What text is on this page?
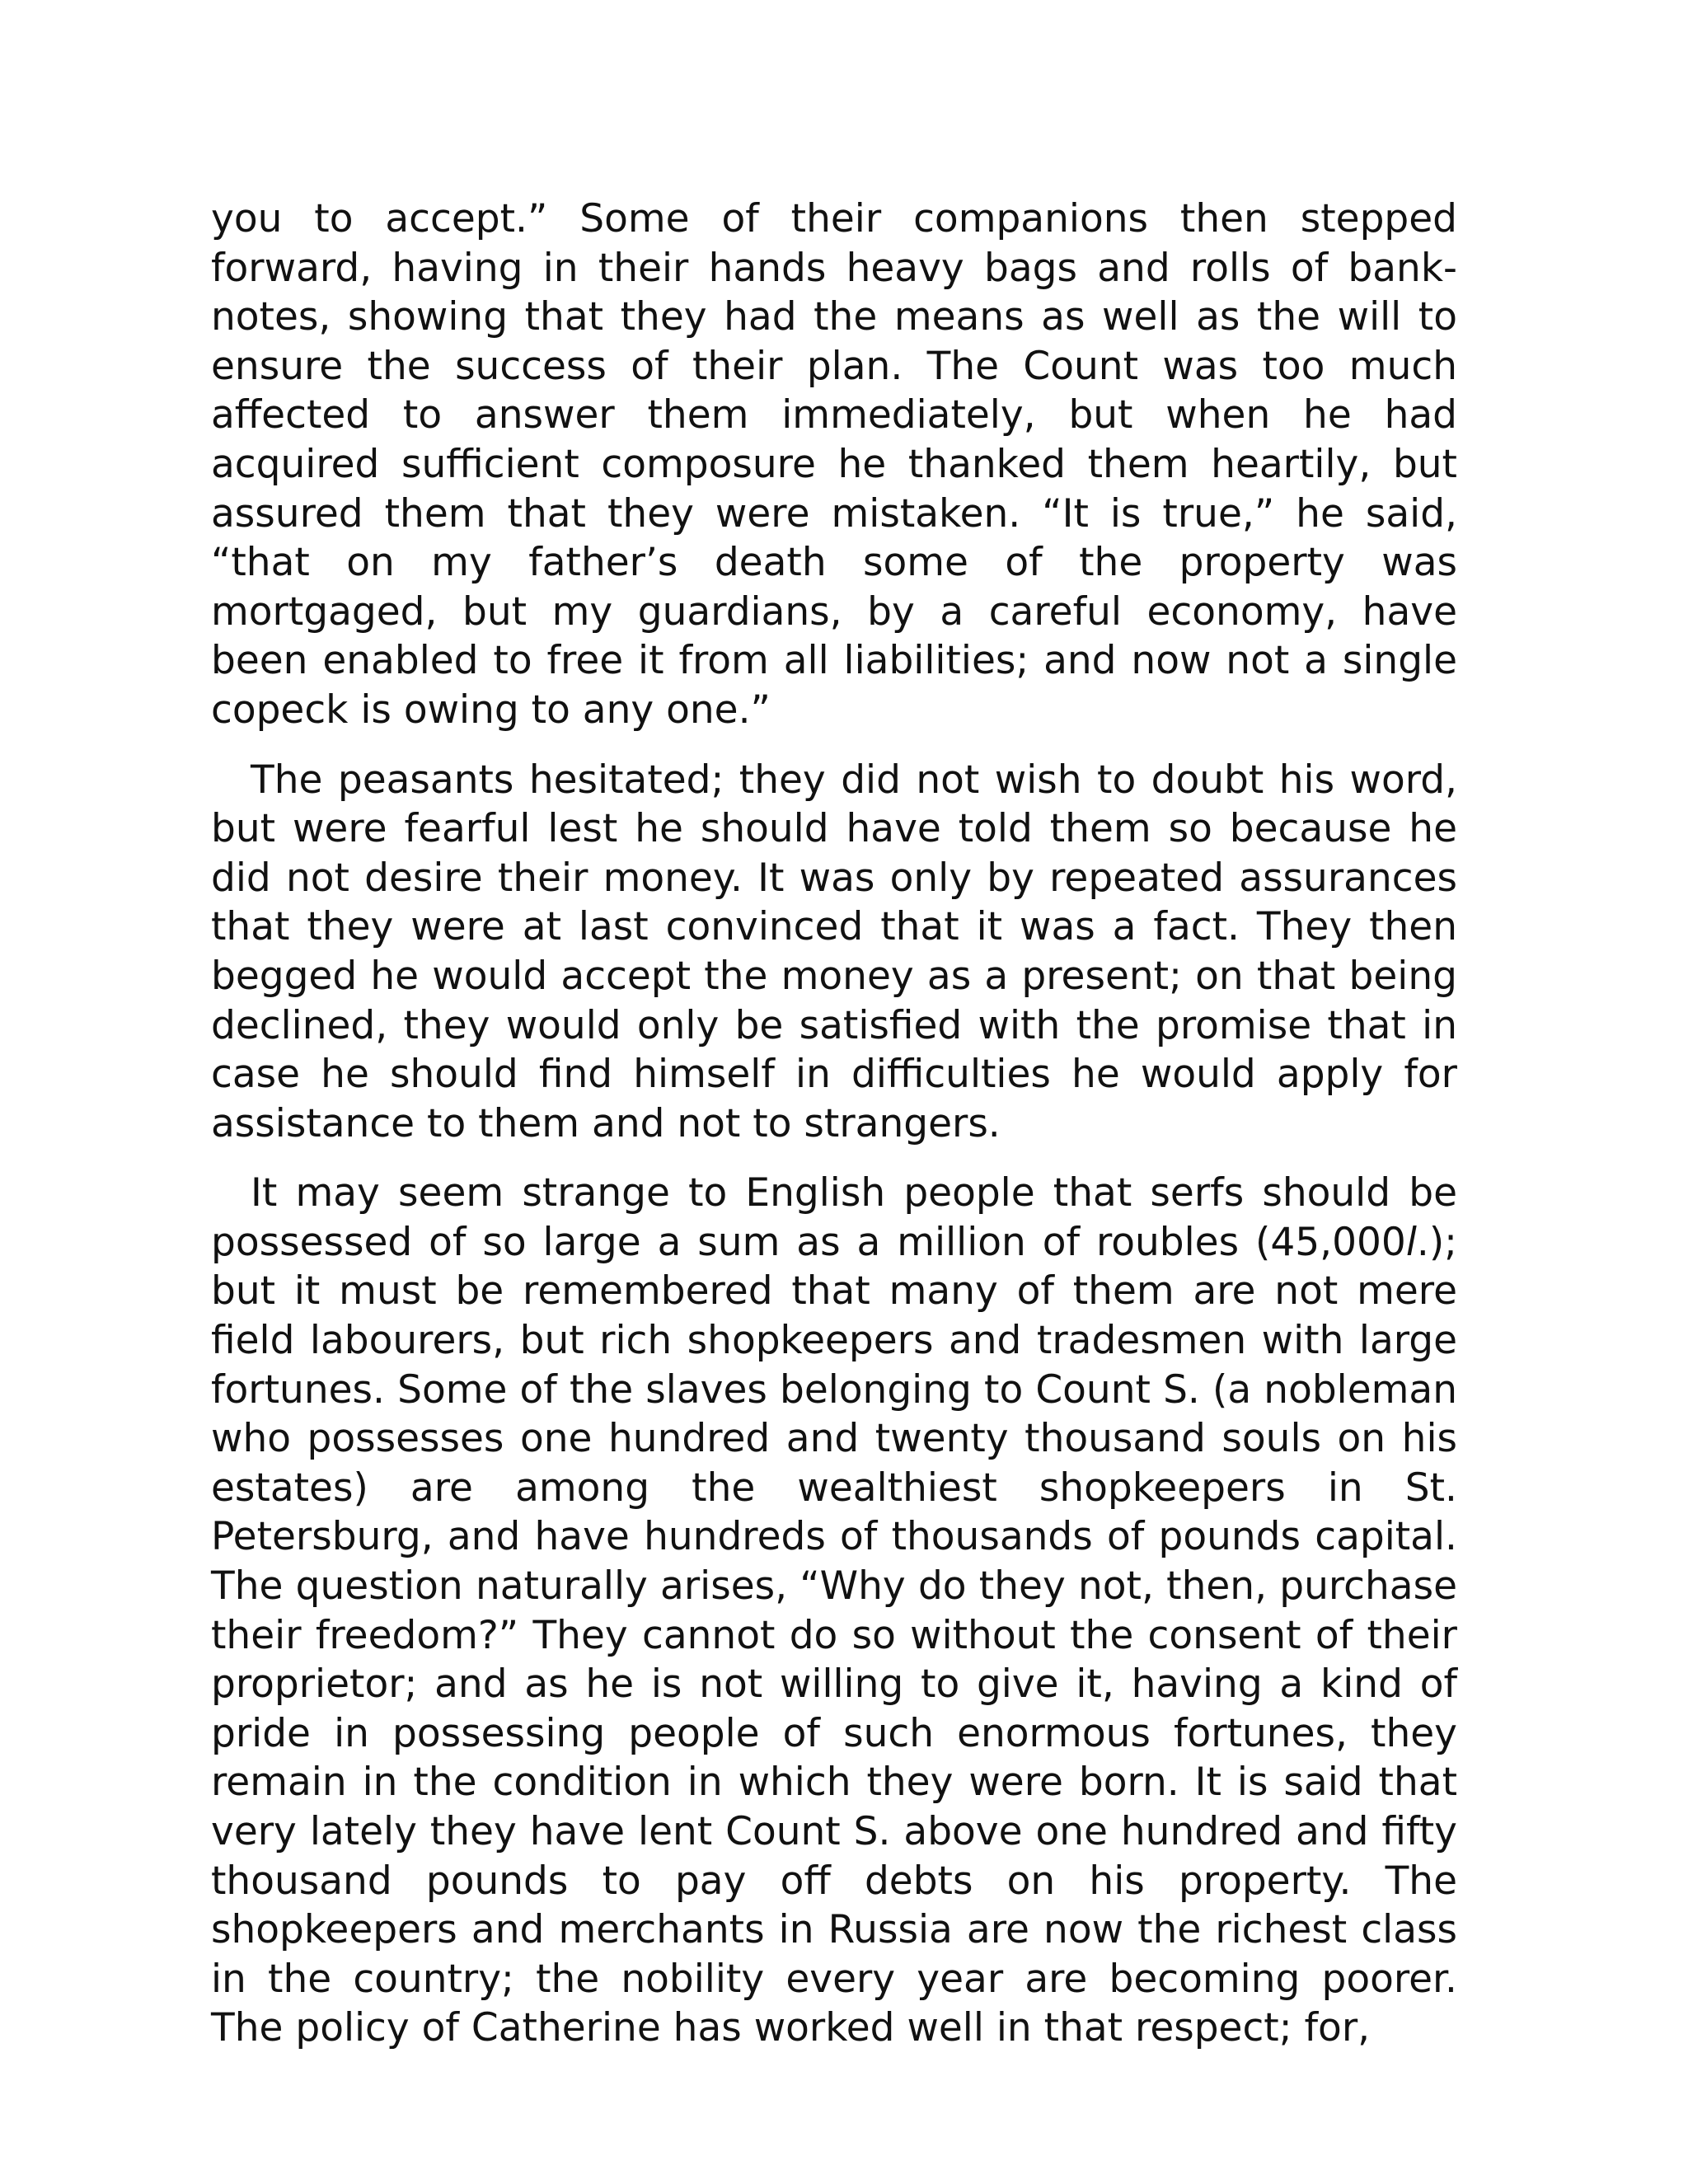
you to accept.” Some of their companions then stepped forward, having in their hands heavy bags and rolls of bank-notes, showing that they had the means as well as the will to ensure the success of their plan. The Count was too much affected to answer them immediately, but when he had acquired sufficient composure he thanked them heartily, but assured them that they were mistaken. “It is true,” he said, “that on my father’s death some of the property was mortgaged, but my guardians, by a careful economy, have been enabled to free it from all liabilities; and now not a single copeck is owing to any one.”

The peasants hesitated; they did not wish to doubt his word, but were fearful lest he should have told them so because he did not desire their money. It was only by repeated assurances that they were at last convinced that it was a fact. They then begged he would accept the money as a present; on that being declined, they would only be satisfied with the promise that in case he should find himself in difficulties he would apply for assistance to them and not to strangers.

It may seem strange to English people that serfs should be possessed of so large a sum as a million of roubles (45,000l.); but it must be remembered that many of them are not mere field labourers, but rich shopkeepers and tradesmen with large fortunes. Some of the slaves belonging to Count S. (a nobleman who possesses one hundred and twenty thousand souls on his estates) are among the wealthiest shopkeepers in St. Petersburg, and have hundreds of thousands of pounds capital. The question naturally arises, “Why do they not, then, purchase their freedom?” They cannot do so without the consent of their proprietor; and as he is not willing to give it, having a kind of pride in possessing people of such enormous fortunes, they remain in the condition in which they were born. It is said that very lately they have lent Count S. above one hundred and fifty thousand pounds to pay off debts on his property. The shopkeepers and merchants in Russia are now the richest class in the country; the nobility every year are becoming poorer. The policy of Catherine has worked well in that respect; for,
